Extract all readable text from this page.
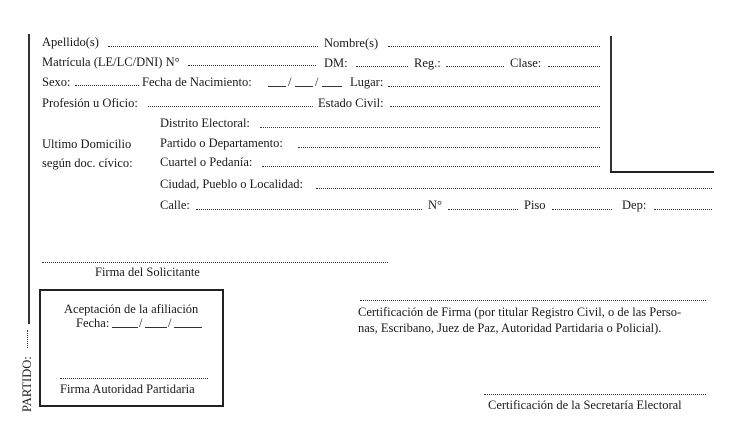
PARTIDO:
Apellido(s)	Nombre(s)
Matrícula (LE/LC/DNI) N°	DM:	Reg.:	Clase:
Sexo:	Fecha de Nacimiento:	/ /	Lugar:
Profesión u Oficio:	Estado Civil:
Ultimo Domicilio
según doc. cívico:
Distrito Electoral:
Partido o Departamento:
Cuartel o Pedanía:
Ciudad, Pueblo o Localidad:
Calle:	N°	Piso	Dep:
Firma del Solicitante
Aceptación de la afiliación
Fecha: / /
Firma Autoridad Partidaria
Certificación de Firma (por titular Registro Civil, o de las Perso-
nas, Escribano, Juez de Paz, Autoridad Partidaria o Policial).
Certificación de la Secretaría Electoral
